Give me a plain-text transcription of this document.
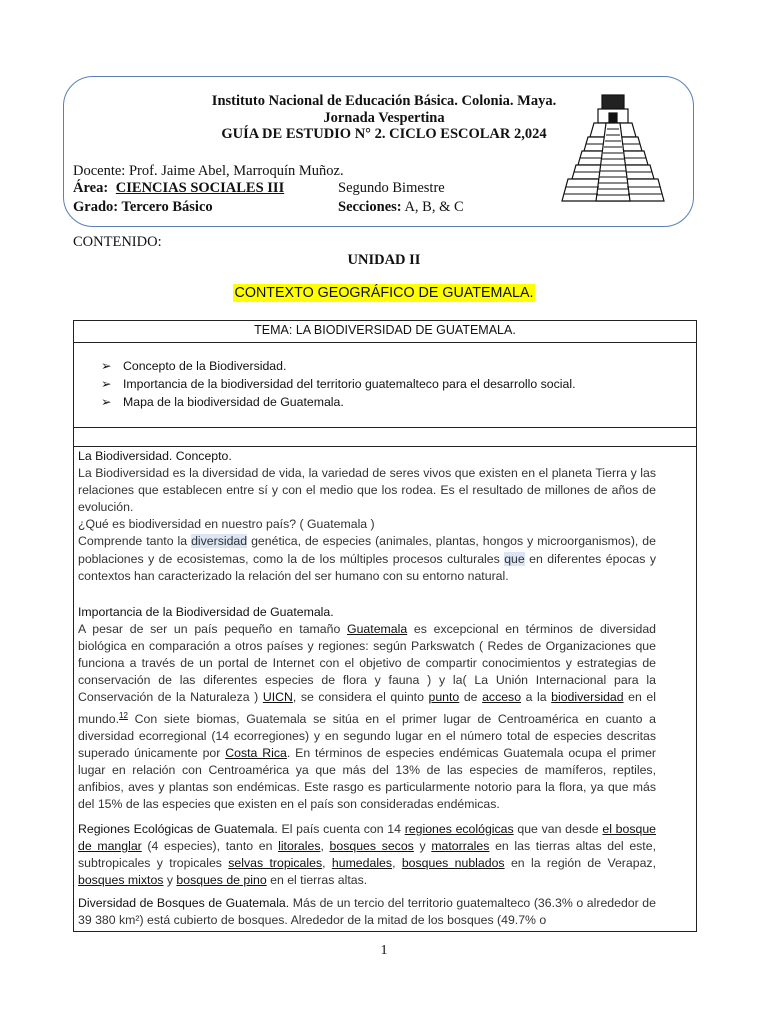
Instituto Nacional de Educación Básica. Colonia. Maya.
Jornada Vespertina
GUÍA DE ESTUDIO N° 2. CICLO ESCOLAR 2,024
Docente: Prof. Jaime Abel, Marroquín Muñoz.
Área: CIENCIAS SOCIALES III	Segundo Bimestre
Grado: Tercero Básico	Secciones: A, B, & C
CONTENIDO:
UNIDAD II
CONTEXTO GEOGRÁFICO DE GUATEMALA.
TEMA: LA BIODIVERSIDAD DE GUATEMALA.
➢ Concepto de la Biodiversidad.
➢ Importancia de la biodiversidad del territorio guatemalteco para el desarrollo social.
➢ Mapa de la biodiversidad de Guatemala.
La Biodiversidad. Concepto.
La Biodiversidad es la diversidad de vida, la variedad de seres vivos que existen en el planeta Tierra y las relaciones que establecen entre sí y con el medio que los rodea. Es el resultado de millones de años de evolución.
¿Qué es biodiversidad en nuestro país? ( Guatemala )
Comprende tanto la diversidad genética, de especies (animales, plantas, hongos y microorganismos), de poblaciones y de ecosistemas, como la de los múltiples procesos culturales que en diferentes épocas y contextos han caracterizado la relación del ser humano con su entorno natural.
Importancia de la Biodiversidad de Guatemala.
A pesar de ser un país pequeño en tamaño Guatemala es excepcional en términos de diversidad biológica en comparación a otros países y regiones: según Parkswatch ( Redes de Organizaciones que funciona a través de un portal de Internet con el objetivo de compartir conocimientos y estrategias de conservación de las diferentes especies de flora y fauna ) y la( La Unión Internacional para la Conservación de la Naturaleza ) UICN, se considera el quinto punto de acceso a la biodiversidad en el mundo.$^{12}$ Con siete biomas, Guatemala se sitúa en el primer lugar de Centroamérica en cuanto a diversidad ecorregional (14 ecorregiones) y en segundo lugar en el número total de especies descritas superado únicamente por Costa Rica. En términos de especies endémicas Guatemala ocupa el primer lugar en relación con Centroamérica ya que más del 13% de las especies de mamíferos, reptiles, anfibios, aves y plantas son endémicas. Este rasgo es particularmente notorio para la flora, ya que más del 15% de las especies que existen en el país son consideradas endémicas.
Regiones Ecológicas de Guatemala. El país cuenta con 14 regiones ecológicas que van desde el bosque de manglar (4 especies), tanto en litorales, bosques secos y matorrales en las tierras altas del este, subtropicales y tropicales selvas tropicales, humedales, bosques nublados en la región de Verapaz, bosques mixtos y bosques de pino en el tierras altas.
Diversidad de Bosques de Guatemala. Más de un tercio del territorio guatemalteco (36.3% o alrededor de 39 380 km²) está cubierto de bosques. Alrededor de la mitad de los bosques (49.7% o
1
